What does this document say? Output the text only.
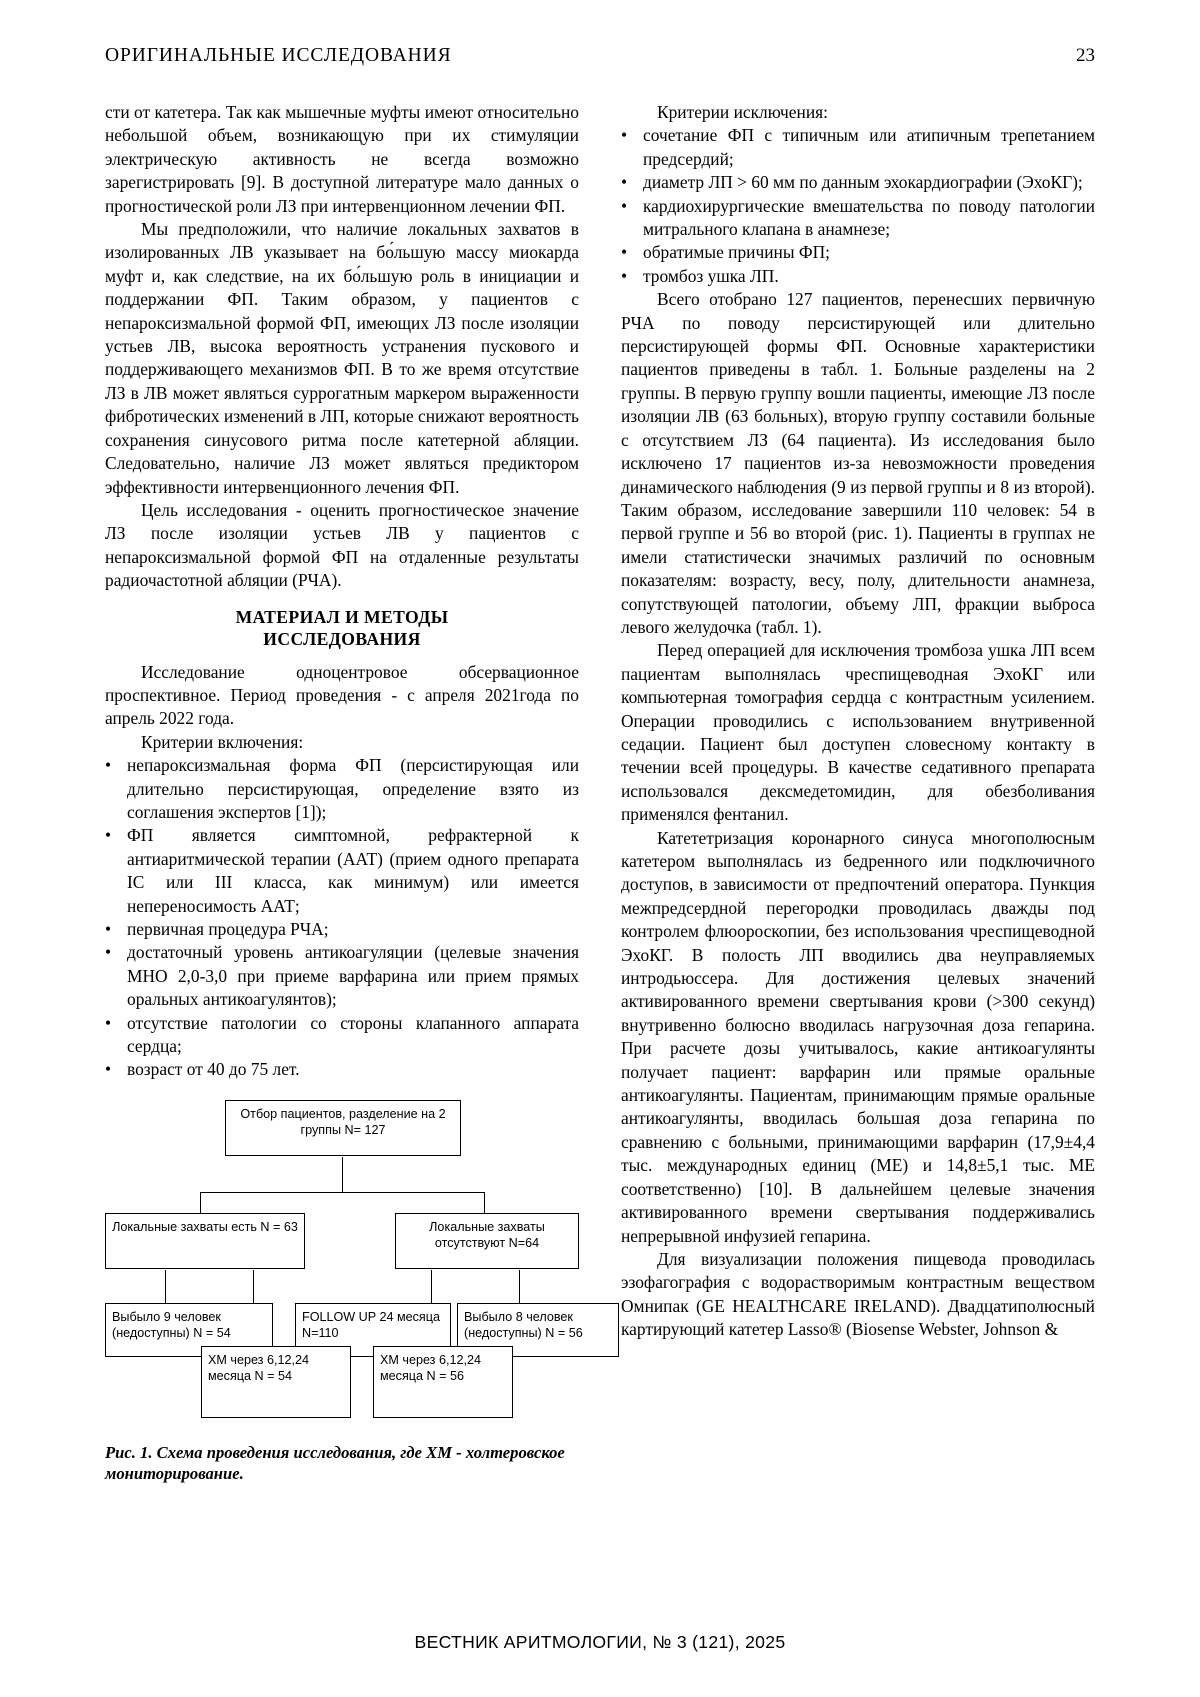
ОРИГИНАЛЬНЫЕ ИССЛЕДОВАНИЯ	23

сти от катетера. Так как мышечные муфты имеют относительно небольшой объем, возникающую при их стимуляции электрическую активность не всегда возможно зарегистрировать [9]. В доступной литературе мало данных о прогностической роли ЛЗ при интервенционном лечении ФП.

Мы предположили, что наличие локальных захватов в изолированных ЛВ указывает на бо́льшую массу миокарда муфт и, как следствие, на их бо́льшую роль в инициации и поддержании ФП. Таким образом, у пациентов с непароксизмальной формой ФП, имеющих ЛЗ после изоляции устьев ЛВ, высока вероятность устранения пускового и поддерживающего механизмов ФП. В то же время отсутствие ЛЗ в ЛВ может являться суррогатным маркером выраженности фибротических изменений в ЛП, которые снижают вероятность сохранения синусового ритма после катетерной абляции. Следовательно, наличие ЛЗ может являться предиктором эффективности интервенционного лечения ФП.

Цель исследования - оценить прогностическое значение ЛЗ после изоляции устьев ЛВ у пациентов с непароксизмальной формой ФП на отдаленные результаты радиочастотной абляции (РЧА).

МАТЕРИАЛ И МЕТОДЫ
ИССЛЕДОВАНИЯ

Исследование одноцентровое обсервационное проспективное. Период проведения - с апреля 2021года по апрель 2022 года.

Критерии включения:

• непароксизмальная форма ФП (персистирующая или длительно персистирующая, определение взято из соглашения экспертов [1]);
• ФП является симптомной, рефрактерной к антиаритмической терапии (ААТ) (прием одного препарата IC или III класса, как минимум) или имеется непереносимость ААТ;
• первичная процедура РЧА;
• достаточный уровень антикоагуляции (целевые значения МНО 2,0-3,0 при приеме варфарина или прием прямых оральных антикоагулянтов);
• отсутствие патологии со стороны клапанного аппарата сердца;
• возраст от 40 до 75 лет.
Отбор пациентов, разделение на 2 группы N= 127
Локальные захваты есть N = 63	Локальные захваты отсутствуют N=64
Выбыло 9 человек (недоступны) N = 54
FOLLOW UP 24 месяца N=110
Выбыло 8 человек (недоступны) N = 56
ХМ через 6,12,24 месяца N = 54
ХМ через 6,12,24 месяца N = 56
Рис. 1. Схема проведения исследования, где ХМ - холтеровское мониторирование.

Критерии исключения:

• сочетание ФП с типичным или атипичным трепетанием предсердий;
• диаметр ЛП > 60 мм по данным эхокардиографии (ЭхоКГ);
• кардиохирургические вмешательства по поводу патологии митрального клапана в анамнезе;
• обратимые причины ФП;
• тромбоз ушка ЛП.

Всего отобрано 127 пациентов, перенесших первичную РЧА по поводу персистирующей или длительно персистирующей формы ФП. Основные характеристики пациентов приведены в табл. 1. Больные разделены на 2 группы. В первую группу вошли пациенты, имеющие ЛЗ после изоляции ЛВ (63 больных), вторую группу составили больные с отсутствием ЛЗ (64 пациента). Из исследования было исключено 17 пациентов из-за невозможности проведения динамического наблюдения (9 из первой группы и 8 из второй). Таким образом, исследование завершили 110 человек: 54 в первой группе и 56 во второй (рис. 1). Пациенты в группах не имели статистически значимых различий по основным показателям: возрасту, весу, полу, длительности анамнеза, сопутствующей патологии, объему ЛП, фракции выброса левого желудочка (табл. 1).

Перед операцией для исключения тромбоза ушка ЛП всем пациентам выполнялась чреспищеводная ЭхоКГ или компьютерная томография сердца с контрастным усилением. Операции проводились с использованием внутривенной седации. Пациент был доступен словесному контакту в течении всей процедуры. В качестве седативного препарата использовался дексмедетомидин, для обезболивания применялся фентанил.

Катететризация коронарного синуса многополюсным катетером выполнялась из бедренного или подключичного доступов, в зависимости от предпочтений оператора. Пункция межпредсердной перегородки проводилась дважды под контролем флюороскопии, без использования чреспищеводной ЭхоКГ. В полость ЛП вводились два неуправляемых интродьюссера. Для достижения целевых значений активированного времени свертывания крови (>300 секунд) внутривенно болюсно вводилась нагрузочная доза гепарина. При расчете дозы учитывалось, какие антикоагулянты получает пациент: варфарин или прямые оральные антикоагулянты. Пациентам, принимающим прямые оральные антикоагулянты, вводилась большая доза гепарина по сравнению с больными, принимающими варфарин (17,9±4,4 тыс. международных единиц (МЕ) и 14,8±5,1 тыс. МЕ соответственно) [10]. В дальнейшем целевые значения активированного времени свертывания поддерживались непрерывной инфузией гепарина.

Для визуализации положения пищевода проводилась эзофагография с водорастворимым контрастным веществом Омнипак (GE HEALTHCARE IRELAND). Двадцатиполюсный картирующий катетер Lasso® (Biosense Webster, Johnson &

ВЕСТНИК АРИТМОЛОГИИ, № 3 (121), 2025
